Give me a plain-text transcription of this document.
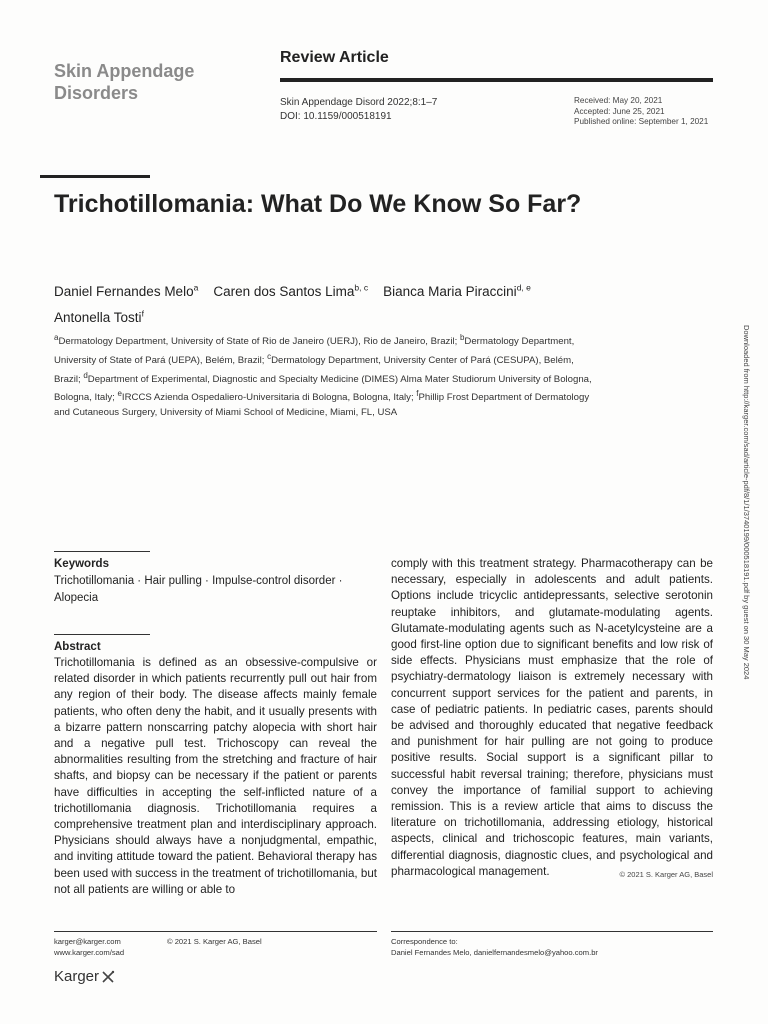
Skin Appendage
Disorders
Review Article
Skin Appendage Disord 2022;8:1–7
DOI: 10.1159/000518191
Received: May 20, 2021
Accepted: June 25, 2021
Published online: September 1, 2021
Trichotillomania: What Do We Know So Far?
Daniel Fernandes Melo$^a$ Caren dos Santos Lima$^{b, c}$ Bianca Maria Piraccini$^{d, e}$
Antonella Tosti$^f$
$^a$Dermatology Department, University of State of Rio de Janeiro (UERJ), Rio de Janeiro, Brazil; $^b$Dermatology Department, University of State of Pará (UEPA), Belém, Brazil; $^c$Dermatology Department, University Center of Pará (CESUPA), Belém, Brazil; $^d$Department of Experimental, Diagnostic and Specialty Medicine (DIMES) Alma Mater Studiorum University of Bologna, Bologna, Italy; $^e$IRCCS Azienda Ospedaliero-Universitaria di Bologna, Bologna, Italy; $^f$Phillip Frost Department of Dermatology and Cutaneous Surgery, University of Miami School of Medicine, Miami, FL, USA	Downloaded from http://karger.com/sad/article-pdf/8/1/1/3740199/000518191.pdf by guest on 30 May 2024
Keywords
Trichotillomania · Hair pulling · Impulse-control disorder · Alopecia
Abstract
Trichotillomania is defined as an obsessive-compulsive or related disorder in which patients recurrently pull out hair from any region of their body. The disease affects mainly female patients, who often deny the habit, and it usually presents with a bizarre pattern nonscarring patchy alopecia with short hair and a negative pull test. Trichoscopy can reveal the abnormalities resulting from the stretching and fracture of hair shafts, and biopsy can be necessary if the patient or parents have difficulties in accepting the self-inflicted nature of a trichotillomania diagnosis. Trichotillomania requires a comprehensive treatment plan and interdisciplinary approach. Physicians should always have a nonjudgmental, empathic, and inviting attitude toward the patient. Behavioral therapy has been used with success in the treatment of trichotillomania, but not all patients are willing or able to
comply with this treatment strategy. Pharmacotherapy can be necessary, especially in adolescents and adult patients. Options include tricyclic antidepressants, selective serotonin reuptake inhibitors, and glutamate-modulating agents. Glutamate-modulating agents such as N-acetylcysteine are a good first-line option due to significant benefits and low risk of side effects. Physicians must emphasize that the role of psychiatry-dermatology liaison is extremely necessary with concurrent support services for the patient and parents, in case of pediatric patients. In pediatric cases, parents should be advised and thoroughly educated that negative feedback and punishment for hair pulling are not going to produce positive results. Social support is a significant pillar to successful habit reversal training; therefore, physicians must convey the importance of familial support to achieving remission. This is a review article that aims to discuss the literature on trichotillomania, addressing etiology, historical aspects, clinical and trichoscopic features, main variants, differential diagnosis, diagnostic clues, and psychological and pharmacological management.	© 2021 S. Karger AG, Basel
karger@karger.com
www.karger.com/sad
© 2021 S. Karger AG, Basel	Correspondence to:
Daniel Fernandes Melo, danielfernandesmelo@yahoo.com.br
Karger
